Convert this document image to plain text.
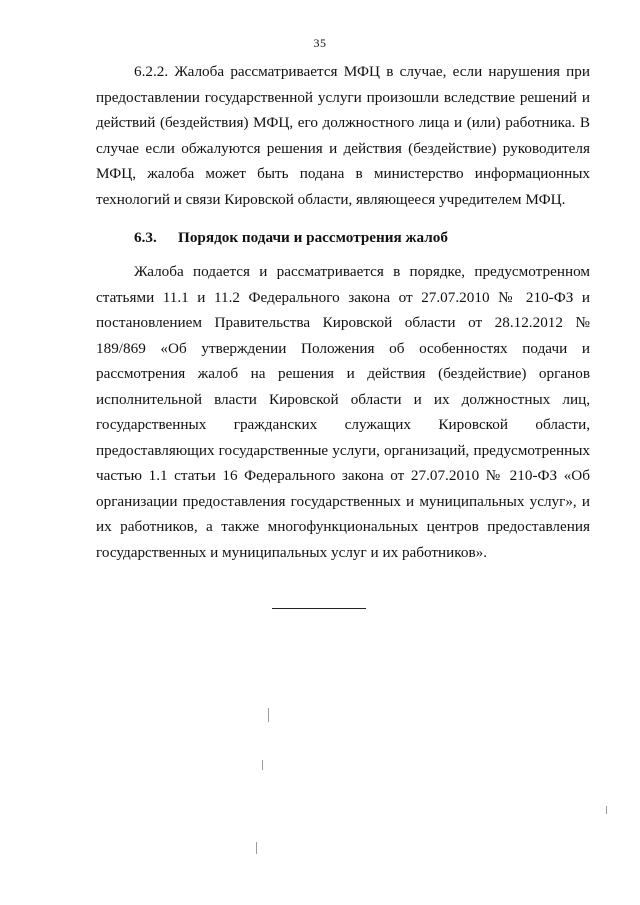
35

6.2.2. Жалоба рассматривается МФЦ в случае, если нарушения при предоставлении государственной услуги произошли вследствие решений и действий (бездействия) МФЦ, его должностного лица и (или) работника. В случае если обжалуются решения и действия (бездействие) руководителя МФЦ, жалоба может быть подана в министерство информационных технологий и связи Кировской области, являющееся учредителем МФЦ.

6.3. Порядок подачи и рассмотрения жалоб

Жалоба подается и рассматривается в порядке, предусмотренном статьями 11.1 и 11.2 Федерального закона от 27.07.2010 № 210-ФЗ и постановлением Правительства Кировской области от 28.12.2012 № 189/869 «Об утверждении Положения об особенностях подачи и рассмотрения жалоб на решения и действия (бездействие) органов исполнительной власти Кировской области и их должностных лиц, государственных гражданских служащих Кировской области, предоставляющих государственные услуги, организаций, предусмотренных частью 1.1 статьи 16 Федерального закона от 27.07.2010 № 210-ФЗ «Об организации предоставления государственных и муниципальных услуг», и их работников, а также многофункциональных центров предоставления государственных и муниципальных услуг и их работников».
